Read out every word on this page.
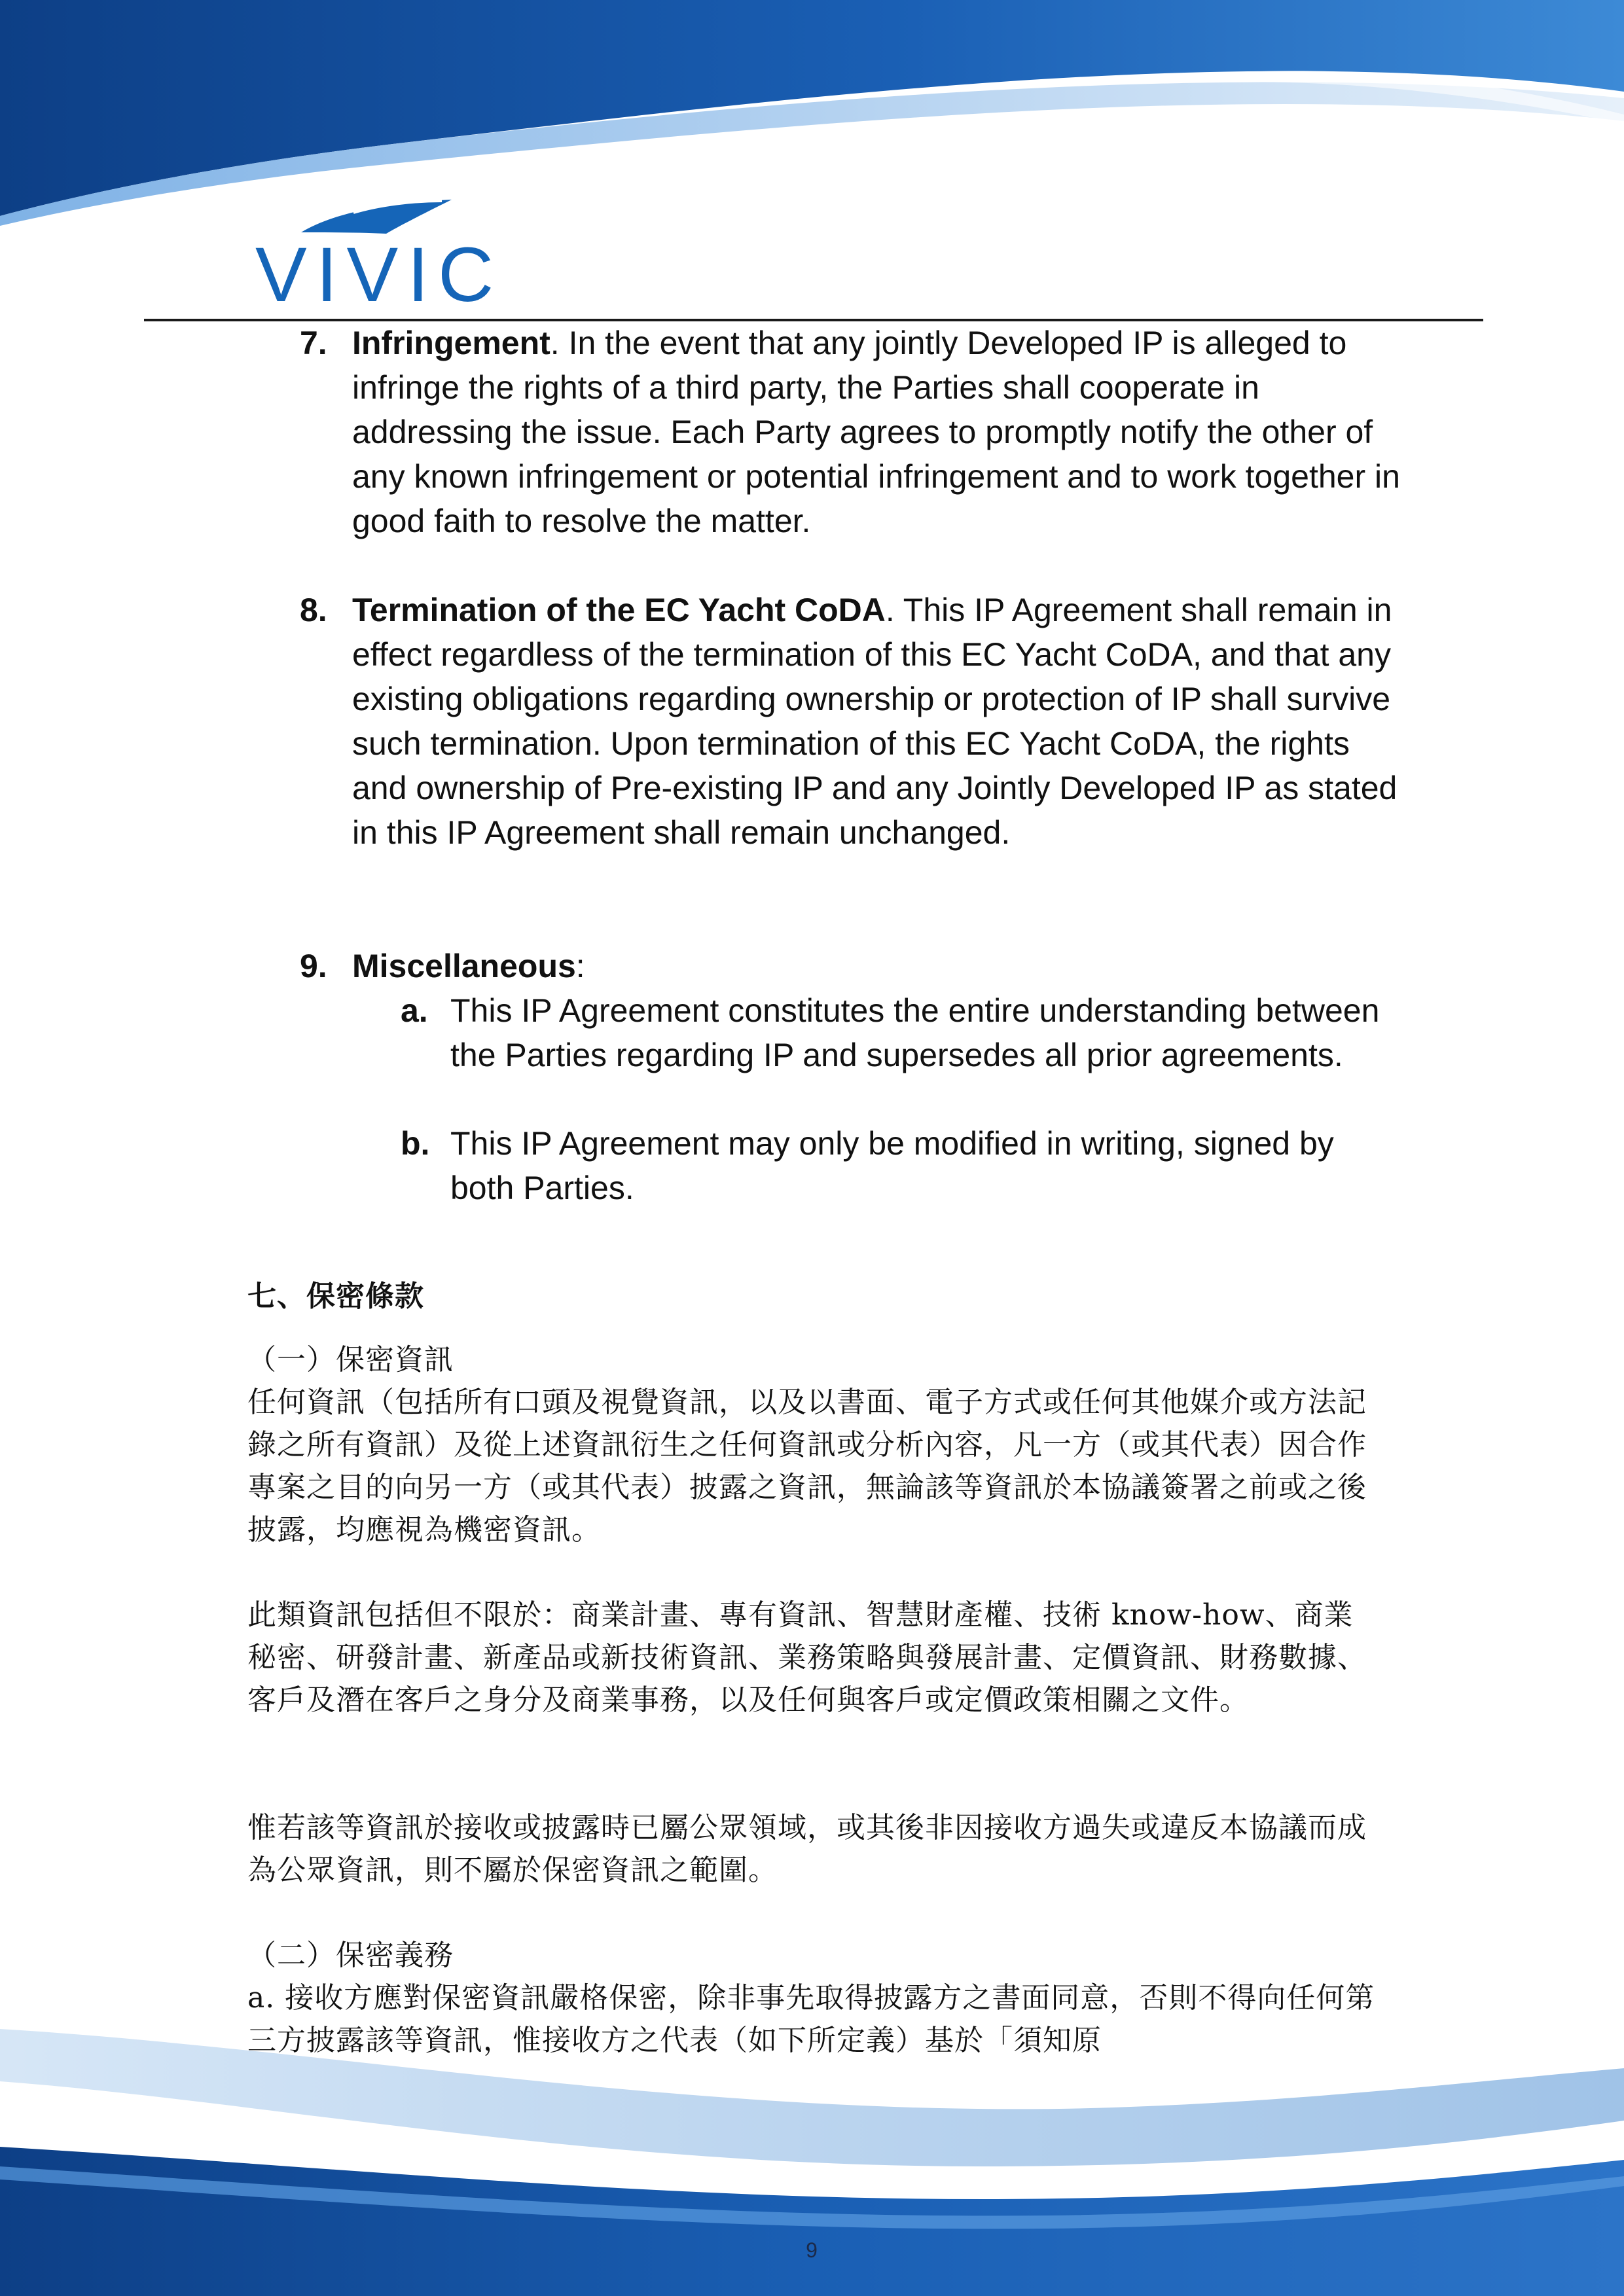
VIVIC
7. Infringement. In the event that any jointly Developed IP is alleged to infringe the rights of a third party, the Parties shall cooperate in addressing the issue. Each Party agrees to promptly notify the other of any known infringement or potential infringement and to work together in good faith to resolve the matter.
8. Termination of the EC Yacht CoDA. This IP Agreement shall remain in effect regardless of the termination of this EC Yacht CoDA, and that any existing obligations regarding ownership or protection of IP shall survive such termination. Upon termination of this EC Yacht CoDA, the rights and ownership of Pre-existing IP and any Jointly Developed IP as stated in this IP Agreement shall remain unchanged.
9. Miscellaneous:
a. This IP Agreement constitutes the entire understanding between the Parties regarding IP and supersedes all prior agreements.
b. This IP Agreement may only be modified in writing, signed by both Parties.
七、保密條款
（一）保密資訊
任何資訊（包括所有口頭及視覺資訊，以及以書面、電子方式或任何其他媒介或方法記錄之所有資訊）及從上述資訊衍生之任何資訊或分析內容，凡一方（或其代表）因合作專案之目的向另一方（或其代表）披露之資訊，無論該等資訊於本協議簽署之前或之後披露，均應視為機密資訊。
此類資訊包括但不限於：商業計畫、專有資訊、智慧財產權、技術 know-how、商業秘密、研發計畫、新產品或新技術資訊、業務策略與發展計畫、定價資訊、財務數據、客戶及潛在客戶之身分及商業事務，以及任何與客戶或定價政策相關之文件。
惟若該等資訊於接收或披露時已屬公眾領域，或其後非因接收方過失或違反本協議而成為公眾資訊，則不屬於保密資訊之範圍。
（二）保密義務
a. 接收方應對保密資訊嚴格保密，除非事先取得披露方之書面同意，否則不得向任何第三方披露該等資訊，惟接收方之代表（如下所定義）基於「須知原
9
